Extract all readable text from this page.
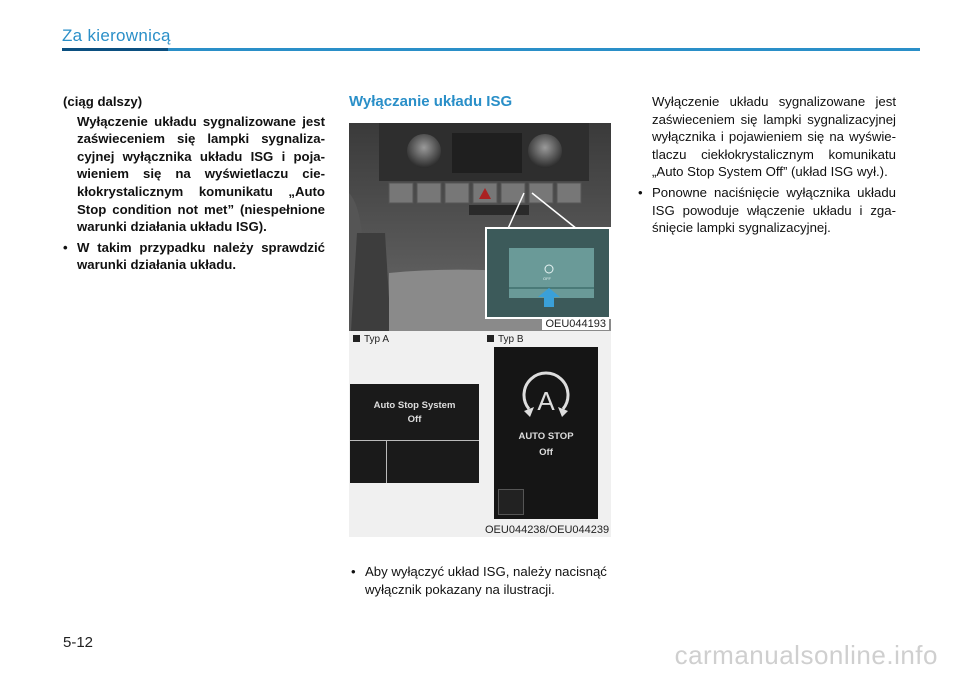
Za kierownicą

(ciąg dalszy)

Wyłączenie układu sygnalizowane jest zaświeceniem się lampki sygnaliza-cyjnej wyłącznika układu ISG i poja-wieniem się na wyświetlaczu cie-kłokrystalicznym komunikatu „Auto Stop condition not met” (niespełnione warunki działania układu ISG).

• W takim przypadku należy sprawdzić warunki działania układu.
Wyłączanie układu ISG
OFF
OEU044193
Typ A	Typ B
Auto Stop System
Off
A
AUTO STOP
Off
OEU044238/OEU044239
• Aby wyłączyć układ ISG, należy nacisnąć wyłącznik pokazany na ilustracji.

Wyłączenie układu sygnalizowane jest zaświeceniem się lampki sygnalizacyjnej wyłącznika i pojawieniem się na wyświe-tlaczu ciekłokrystalicznym komunikatu „Auto Stop System Off” (układ ISG wył.).

• Ponowne naciśnięcie wyłącznika układu ISG powoduje włączenie układu i zga-śnięcie lampki sygnalizacyjnej.
5-12	carmanualsonline.info
